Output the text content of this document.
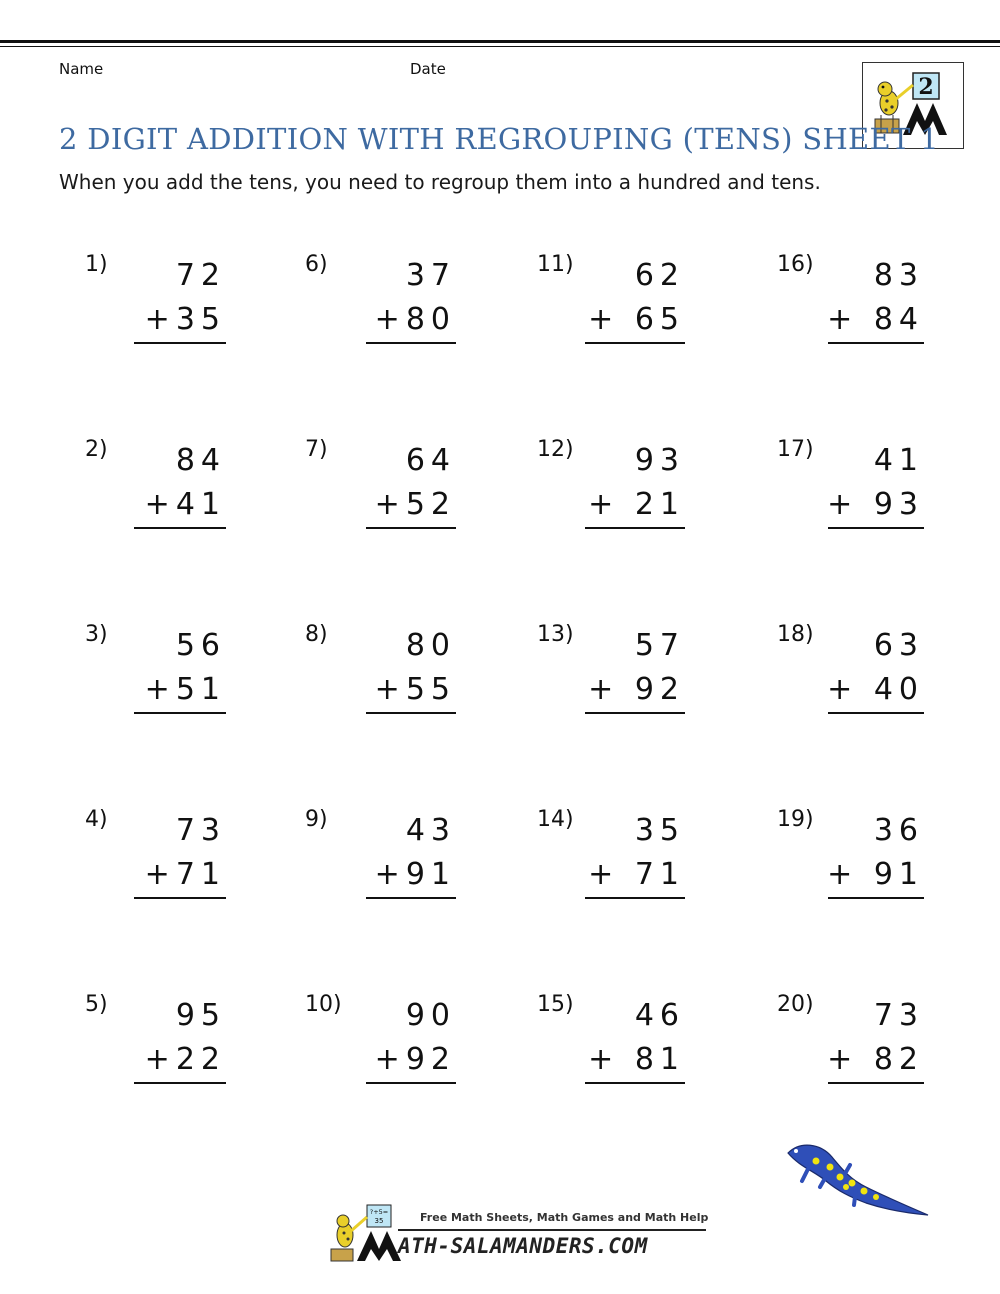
Name	Date
2
2 DIGIT ADDITION WITH REGROUPING (TENS) SHEET 1
When you add the tens, you need to regroup them into a hundred and tens.
1) 72
+35
2) 84
+41
3) 56
+51
4) 73
+71
5) 95
+22
6)	37
+80
7)	64
+52
8)	80
+55
9)	43
+91
10) 90
+92
11) 62
+ 65
12) 93
+ 21
13) 57
+ 92
14) 35
+ 71
15) 46
+ 81
16) 83
+ 84
17) 41
+ 93
18) 63
+ 40
19) 36
+ 91
20) 73
+ 82
?+5=
35	Free Math Sheets, Math Games and Math Help
ATH-SALAMANDERS.COM
